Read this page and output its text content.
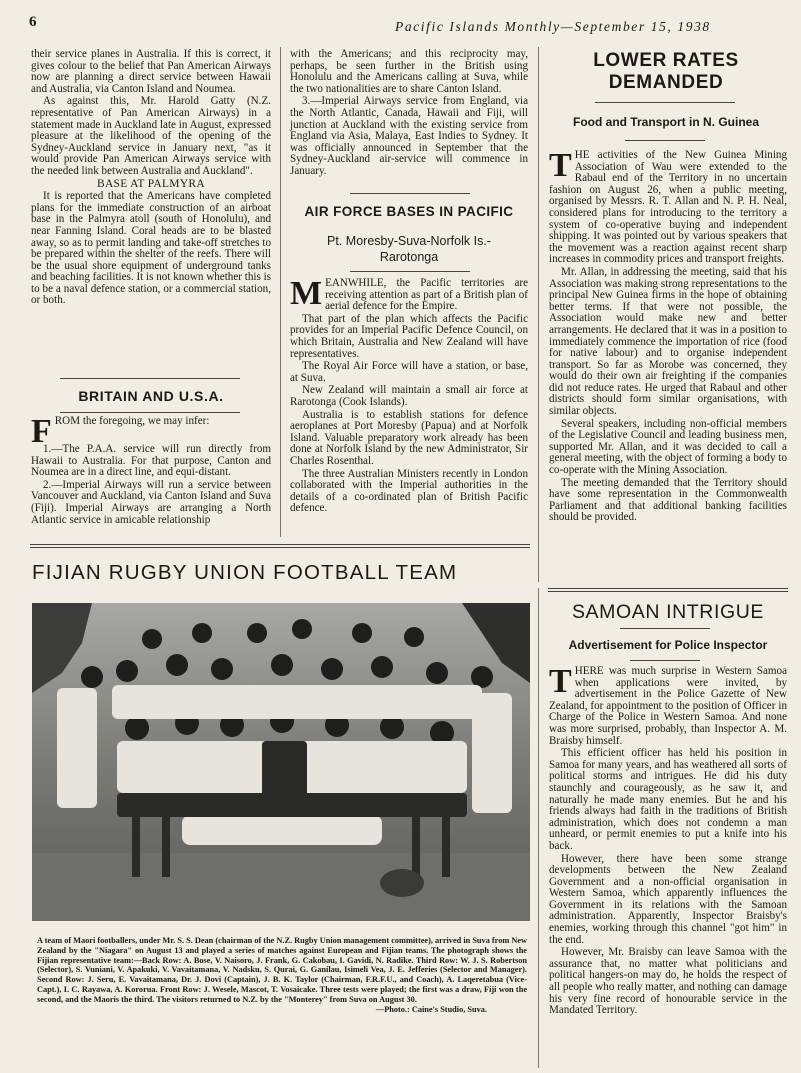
6	Pacific Islands Monthly—September 15, 1938

their service planes in Australia. If this is correct, it gives colour to the belief that Pan American Airways now are planning a direct service between Hawaii and Australia, via Canton Island and Noumea.

As against this, Mr. Harold Gatty (N.Z. representative of Pan American Airways) in a statement made in Auckland late in August, expressed pleasure at the likelihood of the opening of the Sydney-Auckland service in January next, "as it would provide Pan American Airways service with the needed link between Australia and Auckland".

BASE AT PALMYRA

It is reported that the Americans have completed plans for the immediate construction of an airboat base in the Palmyra atoll (south of Honolulu), and near Fanning Island. Coral heads are to be blasted away, so as to permit landing and take-off stretches to be prepared within the shelter of the reefs. There will be the usual shore equipment of underground tanks and beaching facilities. It is not known whether this is to be a naval defence station, or a commercial station, or both.

BRITAIN AND U.S.A.

FROM the foregoing, we may infer:

1.—The P.A.A. service will run directly from Hawaii to Australia. For that purpose, Canton and Noumea are in a direct line, and equi-distant.

2.—Imperial Airways will run a service between Vancouver and Auckland, via Canton Island and Suva (Fiji). Imperial Airways are arranging a North Atlantic service in amicable relationship

with the Americans; and this reciprocity may, perhaps, be seen further in the British using Honolulu and the Americans calling at Suva, while the two nationalities are to share Canton Island.

3.—Imperial Airways service from England, via the North Atlantic, Canada, Hawaii and Fiji, will junction at Auckland with the existing service from England via Asia, Malaya, East Indies to Sydney. It was officially announced in September that the Sydney-Auckland air-service will commence in January.

AIR FORCE BASES IN PACIFIC
Pt. Moresby-Suva-Norfolk Is.-Rarotonga

MEANWHILE, the Pacific territories are receiving attention as part of a British plan of aerial defence for the Empire.

That part of the plan which affects the Pacific provides for an Imperial Pacific Defence Council, on which Britain, Australia and New Zealand will have representatives.

The Royal Air Force will have a station, or base, at Suva.

New Zealand will maintain a small air force at Rarotonga (Cook Islands).

Australia is to establish stations for defence aeroplanes at Port Moresby (Papua) and at Norfolk Island. Valuable preparatory work already has been done at Norfolk Island by the new Administrator, Sir Charles Rosenthal.

The three Australian Ministers recently in London collaborated with the Imperial authorities in the details of a co-ordinated plan of British Pacific defence.

LOWER RATES DEMANDED
Food and Transport in N. Guinea

THE activities of the New Guinea Mining Association of Wau were extended to the Rabaul end of the Territory in no uncertain fashion on August 26, when a public meeting, organised by Messrs. R. T. Allan and N. P. H. Neal, considered plans for introducing to the territory a system of co-operative buying and independent shipping. It was pointed out by various speakers that the movement was a reaction against recent sharp increases in commodity prices and transport freights.

Mr. Allan, in addressing the meeting, said that his Association was making strong representations to the principal New Guinea firms in the hope of obtaining better terms. If that were not possible, the Association would make new and better arrangements. He declared that it was in a position to immediately commence the importation of rice (food for native labour) and to organise independent transport. So far as Morobe was concerned, they would do their own air freighting if the companies did not reduce rates. He urged that Rabaul and other districts should form similar organisations, with similar objects.

Several speakers, including non-official members of the Legislative Council and leading business men, supported Mr. Allan, and it was decided to call a general meeting, with the object of forming a body to co-operate with the Mining Association.

The meeting demanded that the Territory should have some representation in the Commonwealth Parliament and that additional banking facilities should be provided.

FIJIAN RUGBY UNION FOOTBALL TEAM
A team of Maori footballers, under Mr. S. S. Dean (chairman of the N.Z. Rugby Union management committee), arrived in Suva from New Zealand by the "Niagara" on August 13 and played a series of matches against European and Fijian teams. The photograph shows the Fijian representative team:—Back Row: A. Bose, V. Naisoro, J. Frank, G. Cakobau, I. Gavidi, N. Radike. Third Row: W. J. S. Robertson (Selector), S. Vuniani, V. Apakuki, V. Vavaitamana, V. Nadsku, S. Qurai, G. Ganilau, Isimeli Vea, J. E. Jefferies (Selector and Manager). Second Row: J. Seru, E. Vavaitamana, Dr. J. Dovi (Captain), J. B. K. Taylor (Chairman, F.R.F.U., and Coach), A. Laqeretabua (Vice-Capt.), I. C. Rayawa, A. Kororua. Front Row: J. Wesele, Mascot, T. Vosaicake. Three tests were played; the first was a draw, Fiji won the second, and the Maoris the third. The visitors returned to N.Z. by the "Monterey" from Suva on August 30.
—Photo.: Caine's Studio, Suva.
SAMOAN INTRIGUE
Advertisement for Police Inspector

THERE was much surprise in Western Samoa when applications were invited, by advertisement in the Police Gazette of New Zealand, for appointment to the position of Officer in Charge of the Police in Western Samoa. And none was more surprised, probably, than Inspector A. M. Braisby himself.

This efficient officer has held his position in Samoa for many years, and has weathered all sorts of political storms and intrigues. He did his duty staunchly and courageously, as he saw it, and naturally he made many enemies. But he and his friends always had faith in the traditions of British administration, which does not condemn a man unheard, or permit enemies to put a knife into his back.

However, there have been some strange developments between the New Zealand Government and a non-official organisation in Western Samoa, which apparently influences the Government in its relations with the Samoan administration. Apparently, Inspector Braisby's enemies, working through this channel "got him" in the end.

However, Mr. Braisby can leave Samoa with the assurance that, no matter what politicians and political hangers-on may do, he holds the respect of all people who really matter, and nothing can damage his very fine record of honourable service in the Mandated Territory.
